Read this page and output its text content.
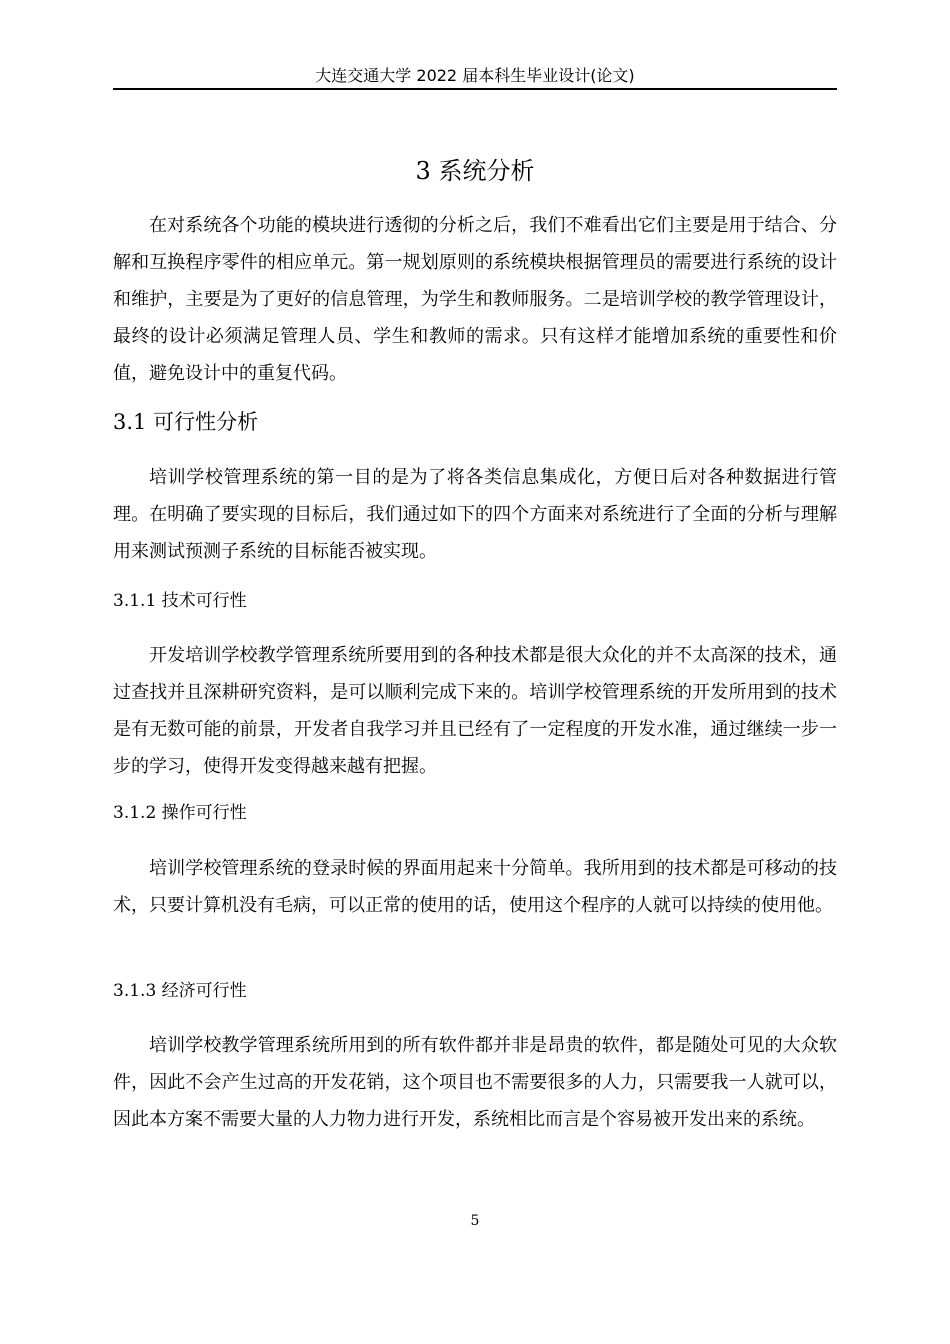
大连交通大学 2022 届本科生毕业设计(论文)
3 系统分析

在对系统各个功能的模块进行透彻的分析之后，我们不难看出它们主要是用于结合、分解和互换程序零件的相应单元。第一规划原则的系统模块根据管理员的需要进行系统的设计和维护，主要是为了更好的信息管理，为学生和教师服务。二是培训学校的教学管理设计，最终的设计必须满足管理人员、学生和教师的需求。只有这样才能增加系统的重要性和价值，避免设计中的重复代码。

3.1 可行性分析

培训学校管理系统的第一目的是为了将各类信息集成化，方便日后对各种数据进行管理。在明确了要实现的目标后，我们通过如下的四个方面来对系统进行了全面的分析与理解用来测试预测子系统的目标能否被实现。

3.1.1 技术可行性

开发培训学校教学管理系统所要用到的各种技术都是很大众化的并不太高深的技术，通过查找并且深耕研究资料，是可以顺利完成下来的。培训学校管理系统的开发所用到的技术是有无数可能的前景，开发者自我学习并且已经有了一定程度的开发水准，通过继续一步一步的学习，使得开发变得越来越有把握。

3.1.2 操作可行性

培训学校管理系统的登录时候的界面用起来十分简单。我所用到的技术都是可移动的技术，只要计算机没有毛病，可以正常的使用的话，使用这个程序的人就可以持续的使用他。

3.1.3 经济可行性

培训学校教学管理系统所用到的所有软件都并非是昂贵的软件，都是随处可见的大众软件，因此不会产生过高的开发花销，这个项目也不需要很多的人力，只需要我一人就可以，因此本方案不需要大量的人力物力进行开发，系统相比而言是个容易被开发出来的系统。

5
